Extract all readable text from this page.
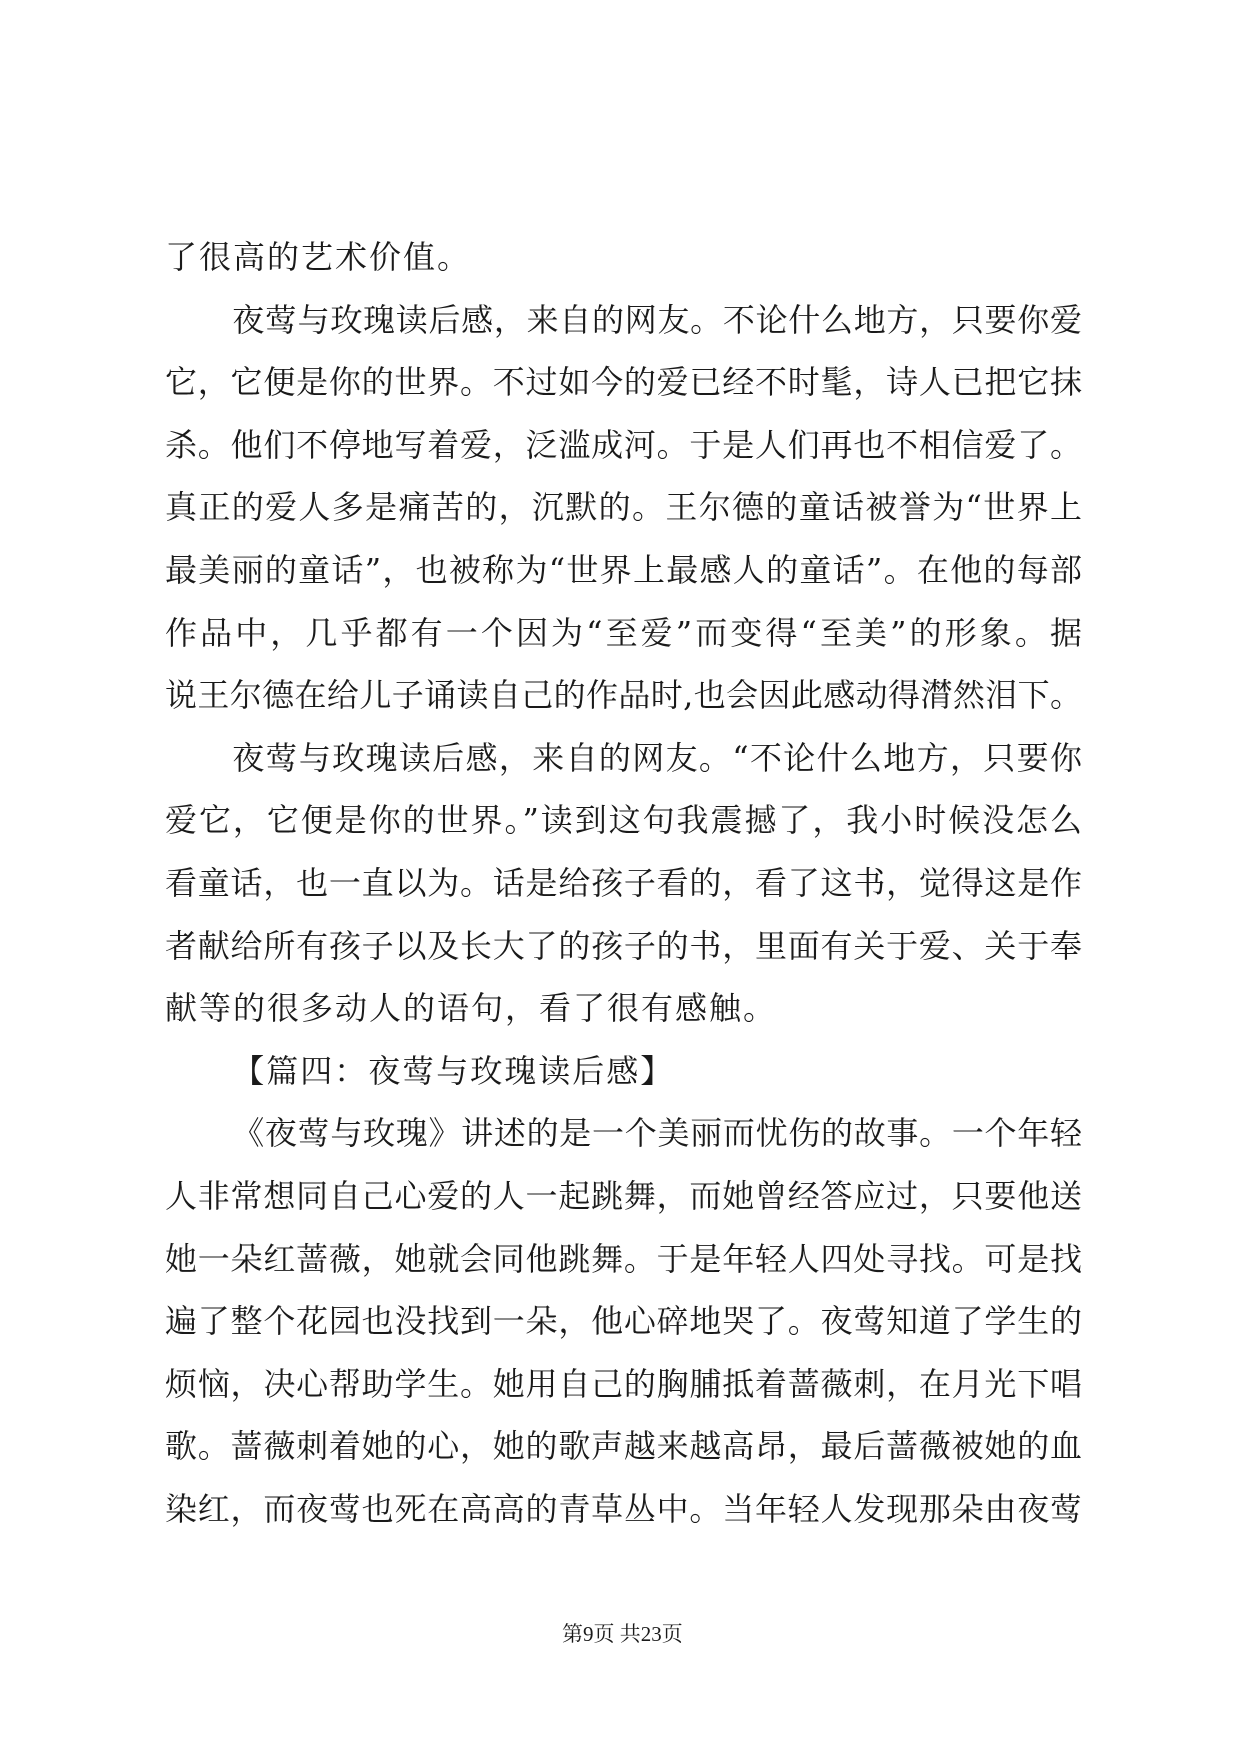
了很高的艺术价值。
夜莺与玫瑰读后感，来自的网友。不论什么地方，只要你爱
它，它便是你的世界。不过如今的爱已经不时髦，诗人已把它抹
杀。他们不停地写着爱，泛滥成河。于是人们再也不相信爱了。
真正的爱人多是痛苦的，沉默的。王尔德的童话被誉为“世界上
最美丽的童话”，也被称为“世界上最感人的童话”。在他的每部
作品中，几乎都有一个因为“至爱”而变得“至美”的形象。据
说王尔德在给儿子诵读自己的作品时,也会因此感动得潸然泪下。
夜莺与玫瑰读后感，来自的网友。“不论什么地方，只要你
爱它，它便是你的世界。”读到这句我震撼了，我小时候没怎么
看童话，也一直以为。话是给孩子看的，看了这书，觉得这是作
者献给所有孩子以及长大了的孩子的书，里面有关于爱、关于奉
献等的很多动人的语句，看了很有感触。
【篇四：夜莺与玫瑰读后感】
《夜莺与玫瑰》讲述的是一个美丽而忧伤的故事。一个年轻
人非常想同自己心爱的人一起跳舞，而她曾经答应过，只要他送
她一朵红蔷薇，她就会同他跳舞。于是年轻人四处寻找。可是找
遍了整个花园也没找到一朵，他心碎地哭了。夜莺知道了学生的
烦恼，决心帮助学生。她用自己的胸脯抵着蔷薇刺，在月光下唱
歌。蔷薇刺着她的心，她的歌声越来越高昂，最后蔷薇被她的血
染红，而夜莺也死在高高的青草丛中。当年轻人发现那朵由夜莺
第9页 共23页
